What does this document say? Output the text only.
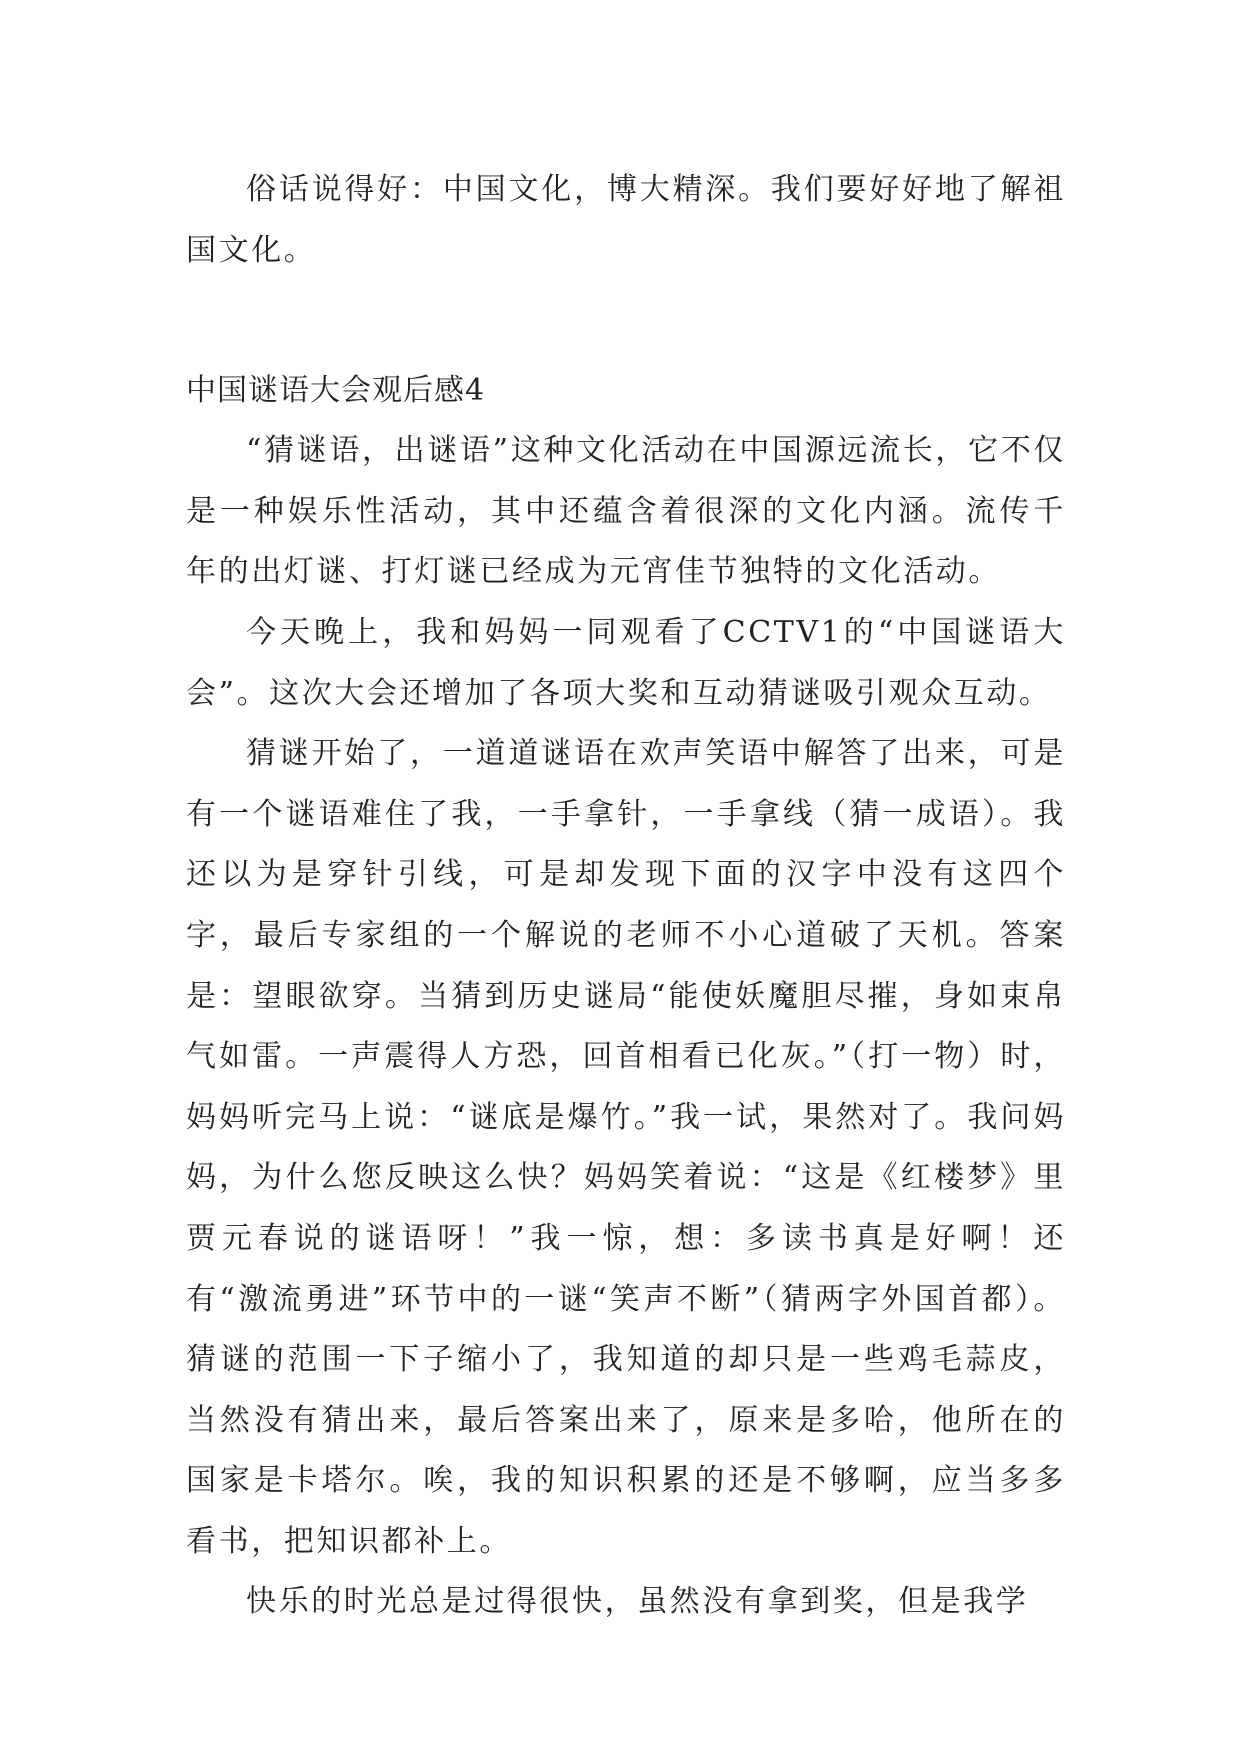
俗话说得好：中国文化，博大精深。我们要好好地了解祖国文化。

中国谜语大会观后感4

“猜谜语，出谜语”这种文化活动在中国源远流长，它不仅是一种娱乐性活动，其中还蕴含着很深的文化内涵。流传千年的出灯谜、打灯谜已经成为元宵佳节独特的文化活动。

今天晚上，我和妈妈一同观看了CCTV1的“中国谜语大会”。这次大会还增加了各项大奖和互动猜谜吸引观众互动。

猜谜开始了，一道道谜语在欢声笑语中解答了出来，可是有一个谜语难住了我，一手拿针，一手拿线（猜一成语）。我还以为是穿针引线，可是却发现下面的汉字中没有这四个字，最后专家组的一个解说的老师不小心道破了天机。答案是：望眼欲穿。当猜到历史谜局“能使妖魔胆尽摧，身如束帛气如雷。一声震得人方恐，回首相看已化灰。”（打一物）时，妈妈听完马上说：“谜底是爆竹。”我一试，果然对了。我问妈妈，为什么您反映这么快？妈妈笑着说：“这是《红楼梦》里贾元春说的谜语呀！”我一惊，想：多读书真是好啊！还有“激流勇进”环节中的一谜“笑声不断”（猜两字外国首都）。猜谜的范围一下子缩小了，我知道的却只是一些鸡毛蒜皮，当然没有猜出来，最后答案出来了，原来是多哈，他所在的国家是卡塔尔。唉，我的知识积累的还是不够啊，应当多多看书，把知识都补上。

快乐的时光总是过得很快，虽然没有拿到奖，但是我学
